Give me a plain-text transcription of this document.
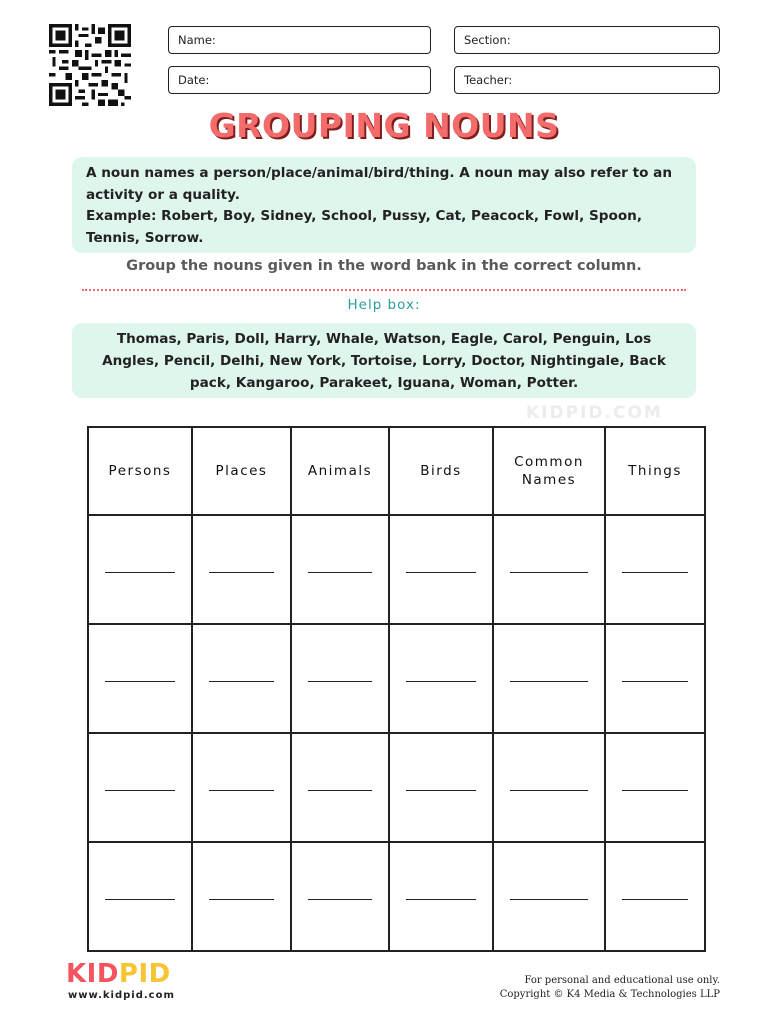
Name:	Section:
Date:	Teacher:
GROUPING NOUNS

A noun names a person/place/animal/bird/thing. A noun may also refer to an activity or a quality.

Example: Robert, Boy, Sidney, School, Pussy, Cat, Peacock, Fowl, Spoon, Tennis, Sorrow.

Group the nouns given in the word bank in the correct column.
Help box:
Thomas, Paris, Doll, Harry, Whale, Watson, Eagle, Carol, Penguin, Los Angles, Pencil, Delhi, New York, Tortoise, Lorry, Doctor, Nightingale, Back pack, Kangaroo, Parakeet, Iguana, Woman, Potter.
KIDPID.COM
Persons	Places	Animals	Birds	Common Names	Things

KIDPID
www.kidpid.com
For personal and educational use only.
Copyright © K4 Media & Technologies LLP
